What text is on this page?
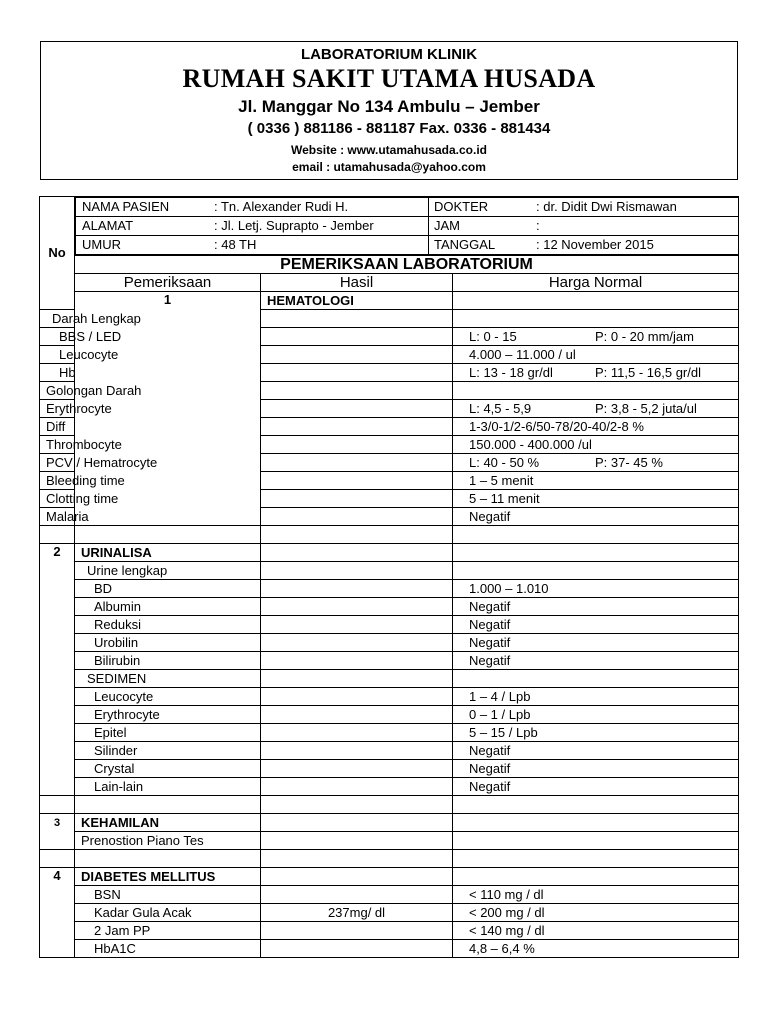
LABORATORIUM KLINIK
RUMAH SAKIT UTAMA HUSADA
Jl. Manggar No 134 Ambulu – Jember
( 0336 ) 881186 - 881187 Fax. 0336 - 881434
Website : www.utamahusada.co.id
email : utamahusada@yahoo.com
No	
NAMA PASIEN	: Tn. Alexander Rudi H.	DOKTER	: dr. Didit Dwi Rismawan
ALAMAT	: Jl. Letj. Suprapto - Jember	JAM	:
UMUR	: 48 TH	TANGGAL	: 12 November 2015

PEMERIKSAAN LABORATORIUM
Pemeriksaan	Hasil	Harga Normal
1	HEMATOLOGI		
Darah Lengkap		
BBS / LED		L: 0 - 15	P: 0 - 20 mm/jam
Leucocyte		4.000 – 11.000 / ul
Hb		L: 13 - 18 gr/dl	P: 11,5 - 16,5 gr/dl
Golongan Darah		
Erythrocyte		L: 4,5 - 5,9	P: 3,8 - 5,2 juta/ul
Diff		1-3/0-1/2-6/50-78/20-40/2-8 %
Thrombocyte		150.000 - 400.000 /ul
PCV / Hematrocyte		L: 40 - 50 %	P: 37- 45 %
Bleeding time		1 – 5 menit
Clotting time		5 – 11 menit
Malaria		Negatif

2	URINALISA		
Urine lengkap		
BD		1.000 – 1.010
Albumin		Negatif
Reduksi		Negatif
Urobilin		Negatif
Bilirubin		Negatif
SEDIMEN		
Leucocyte		1 – 4 / Lpb
Erythrocyte		0 – 1 / Lpb
Epitel		5 – 15 / Lpb
Silinder		Negatif
Crystal		Negatif
Lain-lain		Negatif

3	KEHAMILAN		
Prenostion Piano Tes		

4	DIABETES MELLITUS		
BSN		< 110 mg / dl
Kadar Gula Acak	237mg/ dl	< 200 mg / dl
2 Jam PP		< 140 mg / dl
HbA1C		4,8 – 6,4 %
